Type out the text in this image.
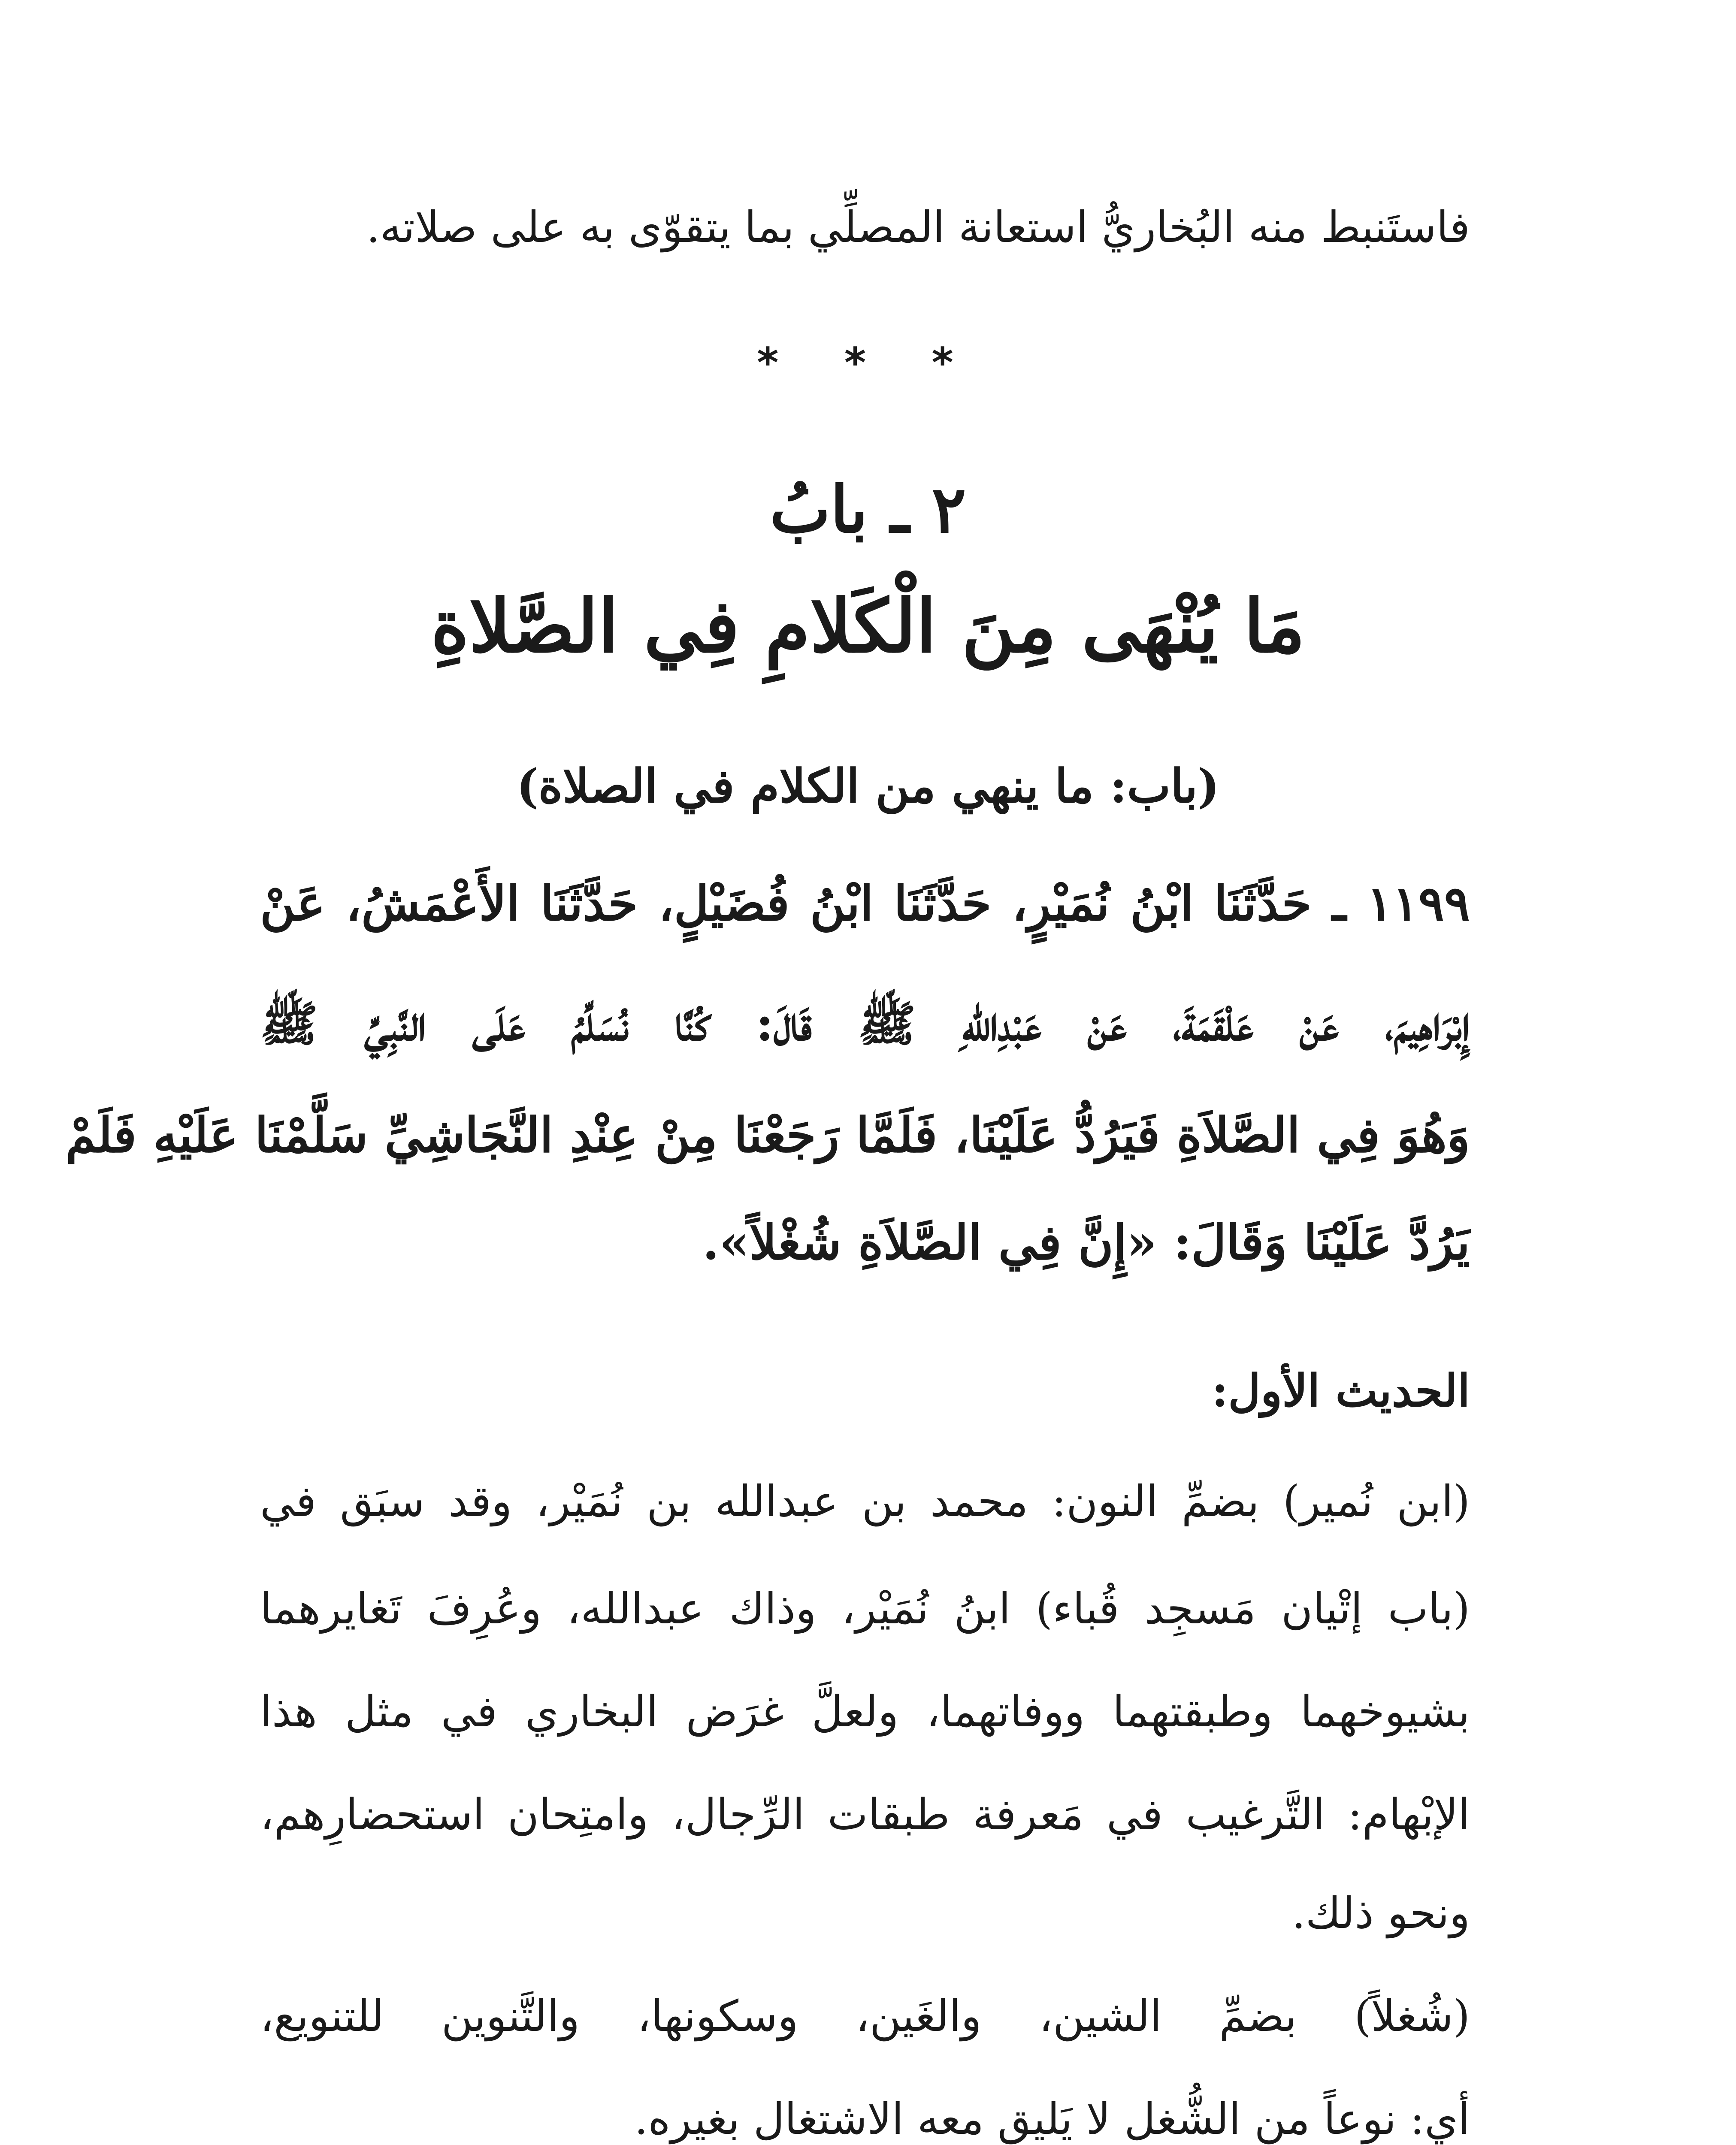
فاستَنبط منه البُخاريُّ استعانة المصلِّي بما يتقوّى به على صلاته.
* * *
٢ ـ بابُ
مَا يُنْهَى مِنَ الْكَلامِ فِي الصَّلاةِ
(باب: ما ينهي من الكلام في الصلاة)
١١٩٩ ـ حَدَّثَنَا ابْنُ نُمَيْرٍ، حَدَّثَنَا ابْنُ فُضَيْلٍ، حَدَّثَنَا الأَعْمَشُ، عَنْ
إِبْرَاهِيمَ، عَنْ عَلْقَمَةَ، عَنْ عَبْدِاللهِ ﷺ قَالَ: كُنَّا نُسَلِّمُ عَلَى النَّبِيِّ ﷺ
وَهُوَ فِي الصَّلاَةِ فَيَرُدُّ عَلَيْنَا، فَلَمَّا رَجَعْنَا مِنْ عِنْدِ النَّجَاشِيِّ سَلَّمْنَا عَلَيْهِ فَلَمْ
يَرُدَّ عَلَيْنَا وَقَالَ: «إِنَّ فِي الصَّلاَةِ شُغْلاً».
الحديث الأول:
(ابن نُمير) بضمِّ النون: محمد بن عبدالله بن نُمَيْر، وقد سبَق في
(باب إتْيان مَسجِد قُباء) ابنُ نُمَيْر، وذاك عبدالله، وعُرِفَ تَغايرهما
بشيوخهما وطبقتهما ووفاتهما، ولعلَّ غرَض البخاري في مثل هذا
الإبْهام: التَّرغيب في مَعرفة طبقات الرِّجال، وامتِحان استحضارِهم،
ونحو ذلك.
(شُغلاً) بضمِّ الشين، والغَين، وسكونها، والتَّنوين للتنويع،
أي: نوعاً من الشُّغل لا يَليق معه الاشتغال بغيره.
